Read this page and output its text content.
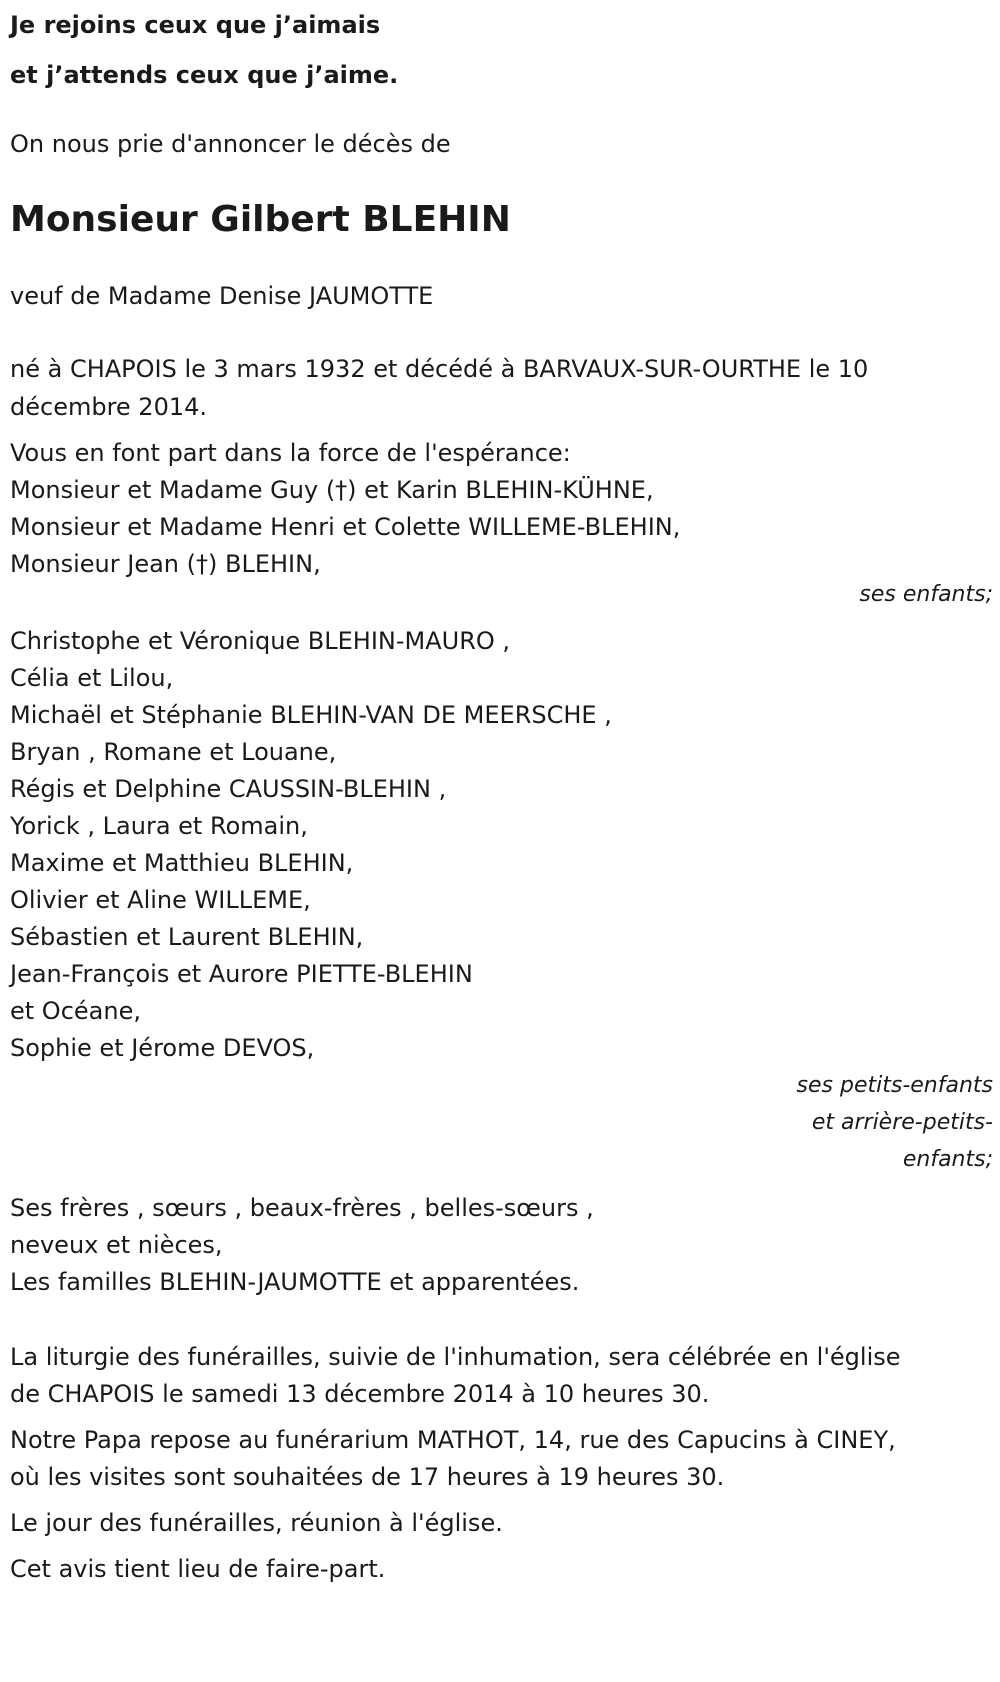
Je rejoins ceux que j’aimais
et j’attends ceux que j’aime.
On nous prie d'annoncer le décès de
Monsieur Gilbert BLEHIN
veuf de Madame Denise JAUMOTTE
né à CHAPOIS le 3 mars 1932 et décédé à BARVAUX-SUR-OURTHE le 10 décembre 2014.
Vous en font part dans la force de l'espérance:
Monsieur et Madame Guy (†) et Karin BLEHIN-KÜHNE,
Monsieur et Madame Henri et Colette WILLEME-BLEHIN,
Monsieur Jean (†) BLEHIN,
ses enfants;
Christophe et Véronique BLEHIN-MAURO ,
Célia et Lilou,
Michaël et Stéphanie BLEHIN-VAN DE MEERSCHE ,
Bryan , Romane et Louane,
Régis et Delphine CAUSSIN-BLEHIN ,
Yorick , Laura et Romain,
Maxime et Matthieu BLEHIN,
Olivier et Aline WILLEME,
Sébastien et Laurent BLEHIN,
Jean-François et Aurore PIETTE-BLEHIN
et Océane,
Sophie et Jérome DEVOS,
ses petits-enfants
et arrière-petits-
enfants;
Ses frères , sœurs , beaux-frères , belles-sœurs ,
neveux et nièces,
Les familles BLEHIN-JAUMOTTE et apparentées.
La liturgie des funérailles, suivie de l'inhumation, sera célébrée en l'église
de CHAPOIS le samedi 13 décembre 2014 à 10 heures 30.
Notre Papa repose au funérarium MATHOT, 14, rue des Capucins à CINEY,
où les visites sont souhaitées de 17 heures à 19 heures 30.
Le jour des funérailles, réunion à l'église.
Cet avis tient lieu de faire-part.
